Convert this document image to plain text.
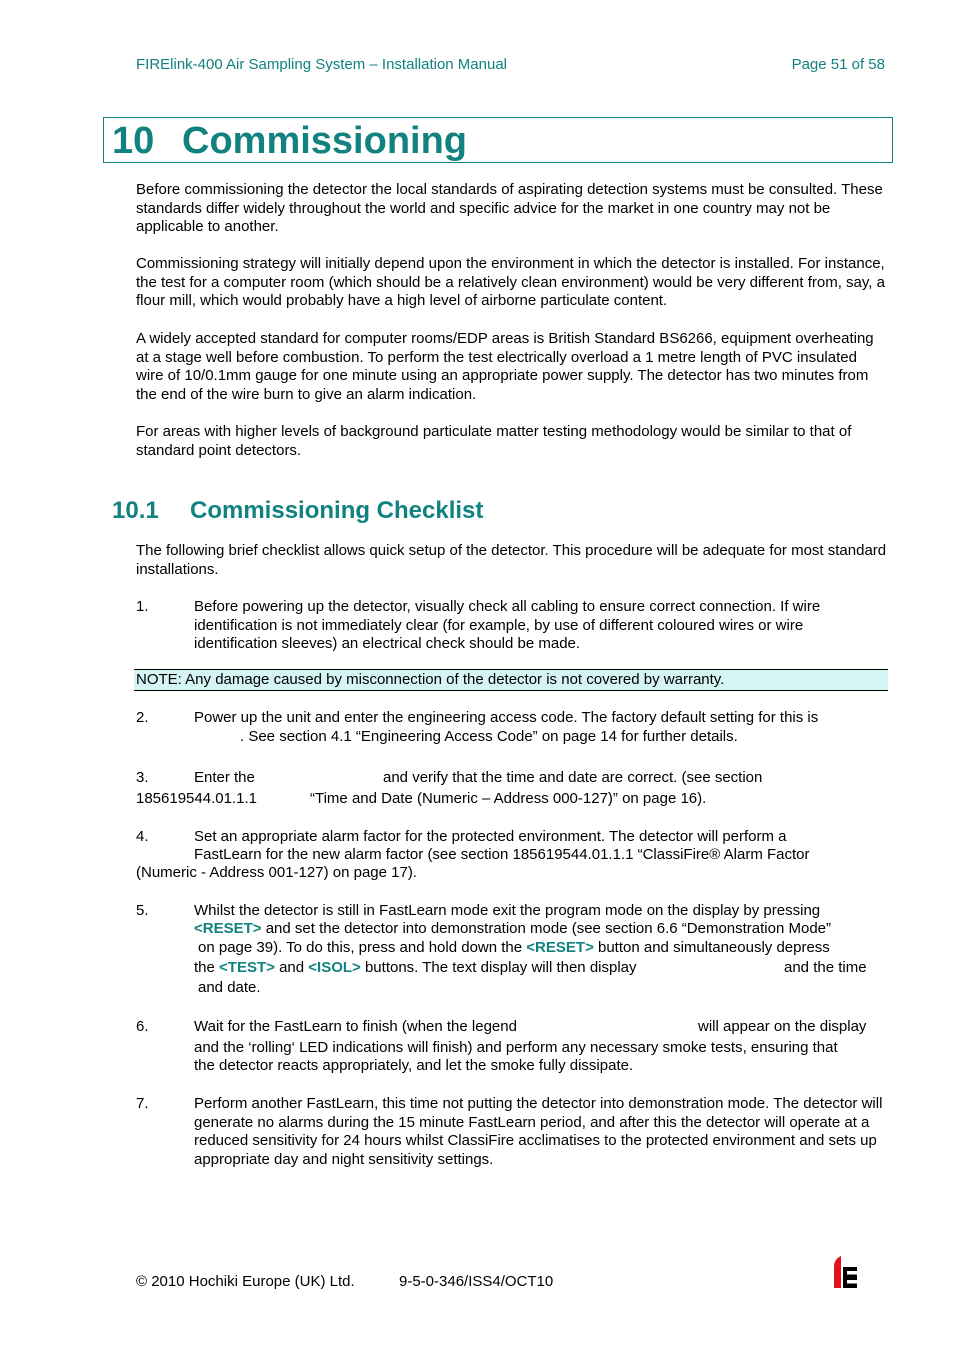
FIRElink-400 Air Sampling System – Installation Manual	Page 51 of 58
10 Commissioning
Before commissioning the detector the local standards of aspirating detection systems must be consulted. These standards differ widely throughout the world and specific advice for the market in one country may not be applicable to another.
Commissioning strategy will initially depend upon the environment in which the detector is installed. For instance, the test for a computer room (which should be a relatively clean environment) would be very different from, say, a flour mill, which would probably have a high level of airborne particulate content.
A widely accepted standard for computer rooms/EDP areas is British Standard BS6266, equipment overheating at a stage well before combustion. To perform the test electrically overload a 1 metre length of PVC insulated wire of 10/0.1mm gauge for one minute using an appropriate power supply. The detector has two minutes from the end of the wire burn to give an alarm indication.
For areas with higher levels of background particulate matter testing methodology would be similar to that of standard point detectors.
10.1 Commissioning Checklist
The following brief checklist allows quick setup of the detector. This procedure will be adequate for most standard installations.
1.	Before powering up the detector, visually check all cabling to ensure correct connection. If wire identification is not immediately clear (for example, by use of different coloured wires or wire identification sleeves) an electrical check should be made.
NOTE: Any damage caused by misconnection of the detector is not covered by warranty.
2.	Power up the unit and enter the engineering access code. The factory default setting for this is
. See section 4.1 “Engineering Access Code” on page 14 for further details.
3.	Enter the	and verify that the time and date are correct. (see section
185619544.01.1.1	“Time and Date (Numeric – Address 000-127)” on page 16).
4.	Set an appropriate alarm factor for the protected environment. The detector will perform a
FastLearn for the new alarm factor (see section 185619544.01.1.1 “ClassiFire® Alarm Factor
(Numeric - Address 001-127) on page 17).
5.	Whilst the detector is still in FastLearn mode exit the program mode on the display by pressing
<RESET> and set the detector into demonstration mode (see section 6.6 “Demonstration Mode”
on page 39). To do this, press and hold down the <RESET> button and simultaneously depress
the <TEST> and <ISOL> buttons. The text display will then display	and the time
and date.
6.	Wait for the FastLearn to finish (when the legend	will appear on the display
and the ‘rolling‘ LED indications will finish) and perform any necessary smoke tests, ensuring that
the detector reacts appropriately, and let the smoke fully dissipate.
7.	Perform another FastLearn, this time not putting the detector into demonstration mode. The detector will generate no alarms during the 15 minute FastLearn period, and after this the detector will operate at a reduced sensitivity for 24 hours whilst ClassiFire acclimatises to the protected environment and sets up appropriate day and night sensitivity settings.
© 2010 Hochiki Europe (UK) Ltd.	9-5-0-346/ISS4/OCT10
